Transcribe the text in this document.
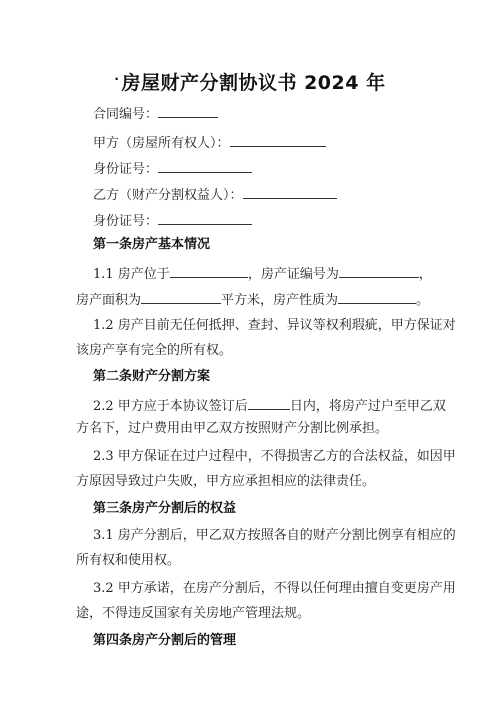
· 房屋财产分割协议书 2024 年
合同编号：
甲方（房屋所有权人）：
身份证号：
乙方（财产分割权益人）：
身份证号：
第一条房产基本情况
1.1 房产位于	，房产证编号为	，
房产面积为	平方米，房产性质为	。
1.2 房产目前无任何抵押、查封、异议等权利瑕疵，甲方保证对
该房产享有完全的所有权。
第二条财产分割方案
2.2 甲方应于本协议签订后	日内，将房产过户至甲乙双
方名下，过户费用由甲乙双方按照财产分割比例承担。
2.3 甲方保证在过户过程中，不得损害乙方的合法权益，如因甲
方原因导致过户失败，甲方应承担相应的法律责任。
第三条房产分割后的权益
3.1 房产分割后，甲乙双方按照各自的财产分割比例享有相应的
所有权和使用权。
3.2 甲方承诺，在房产分割后，不得以任何理由擅自变更房产用
途，不得违反国家有关房地产管理法规。
第四条房产分割后的管理
